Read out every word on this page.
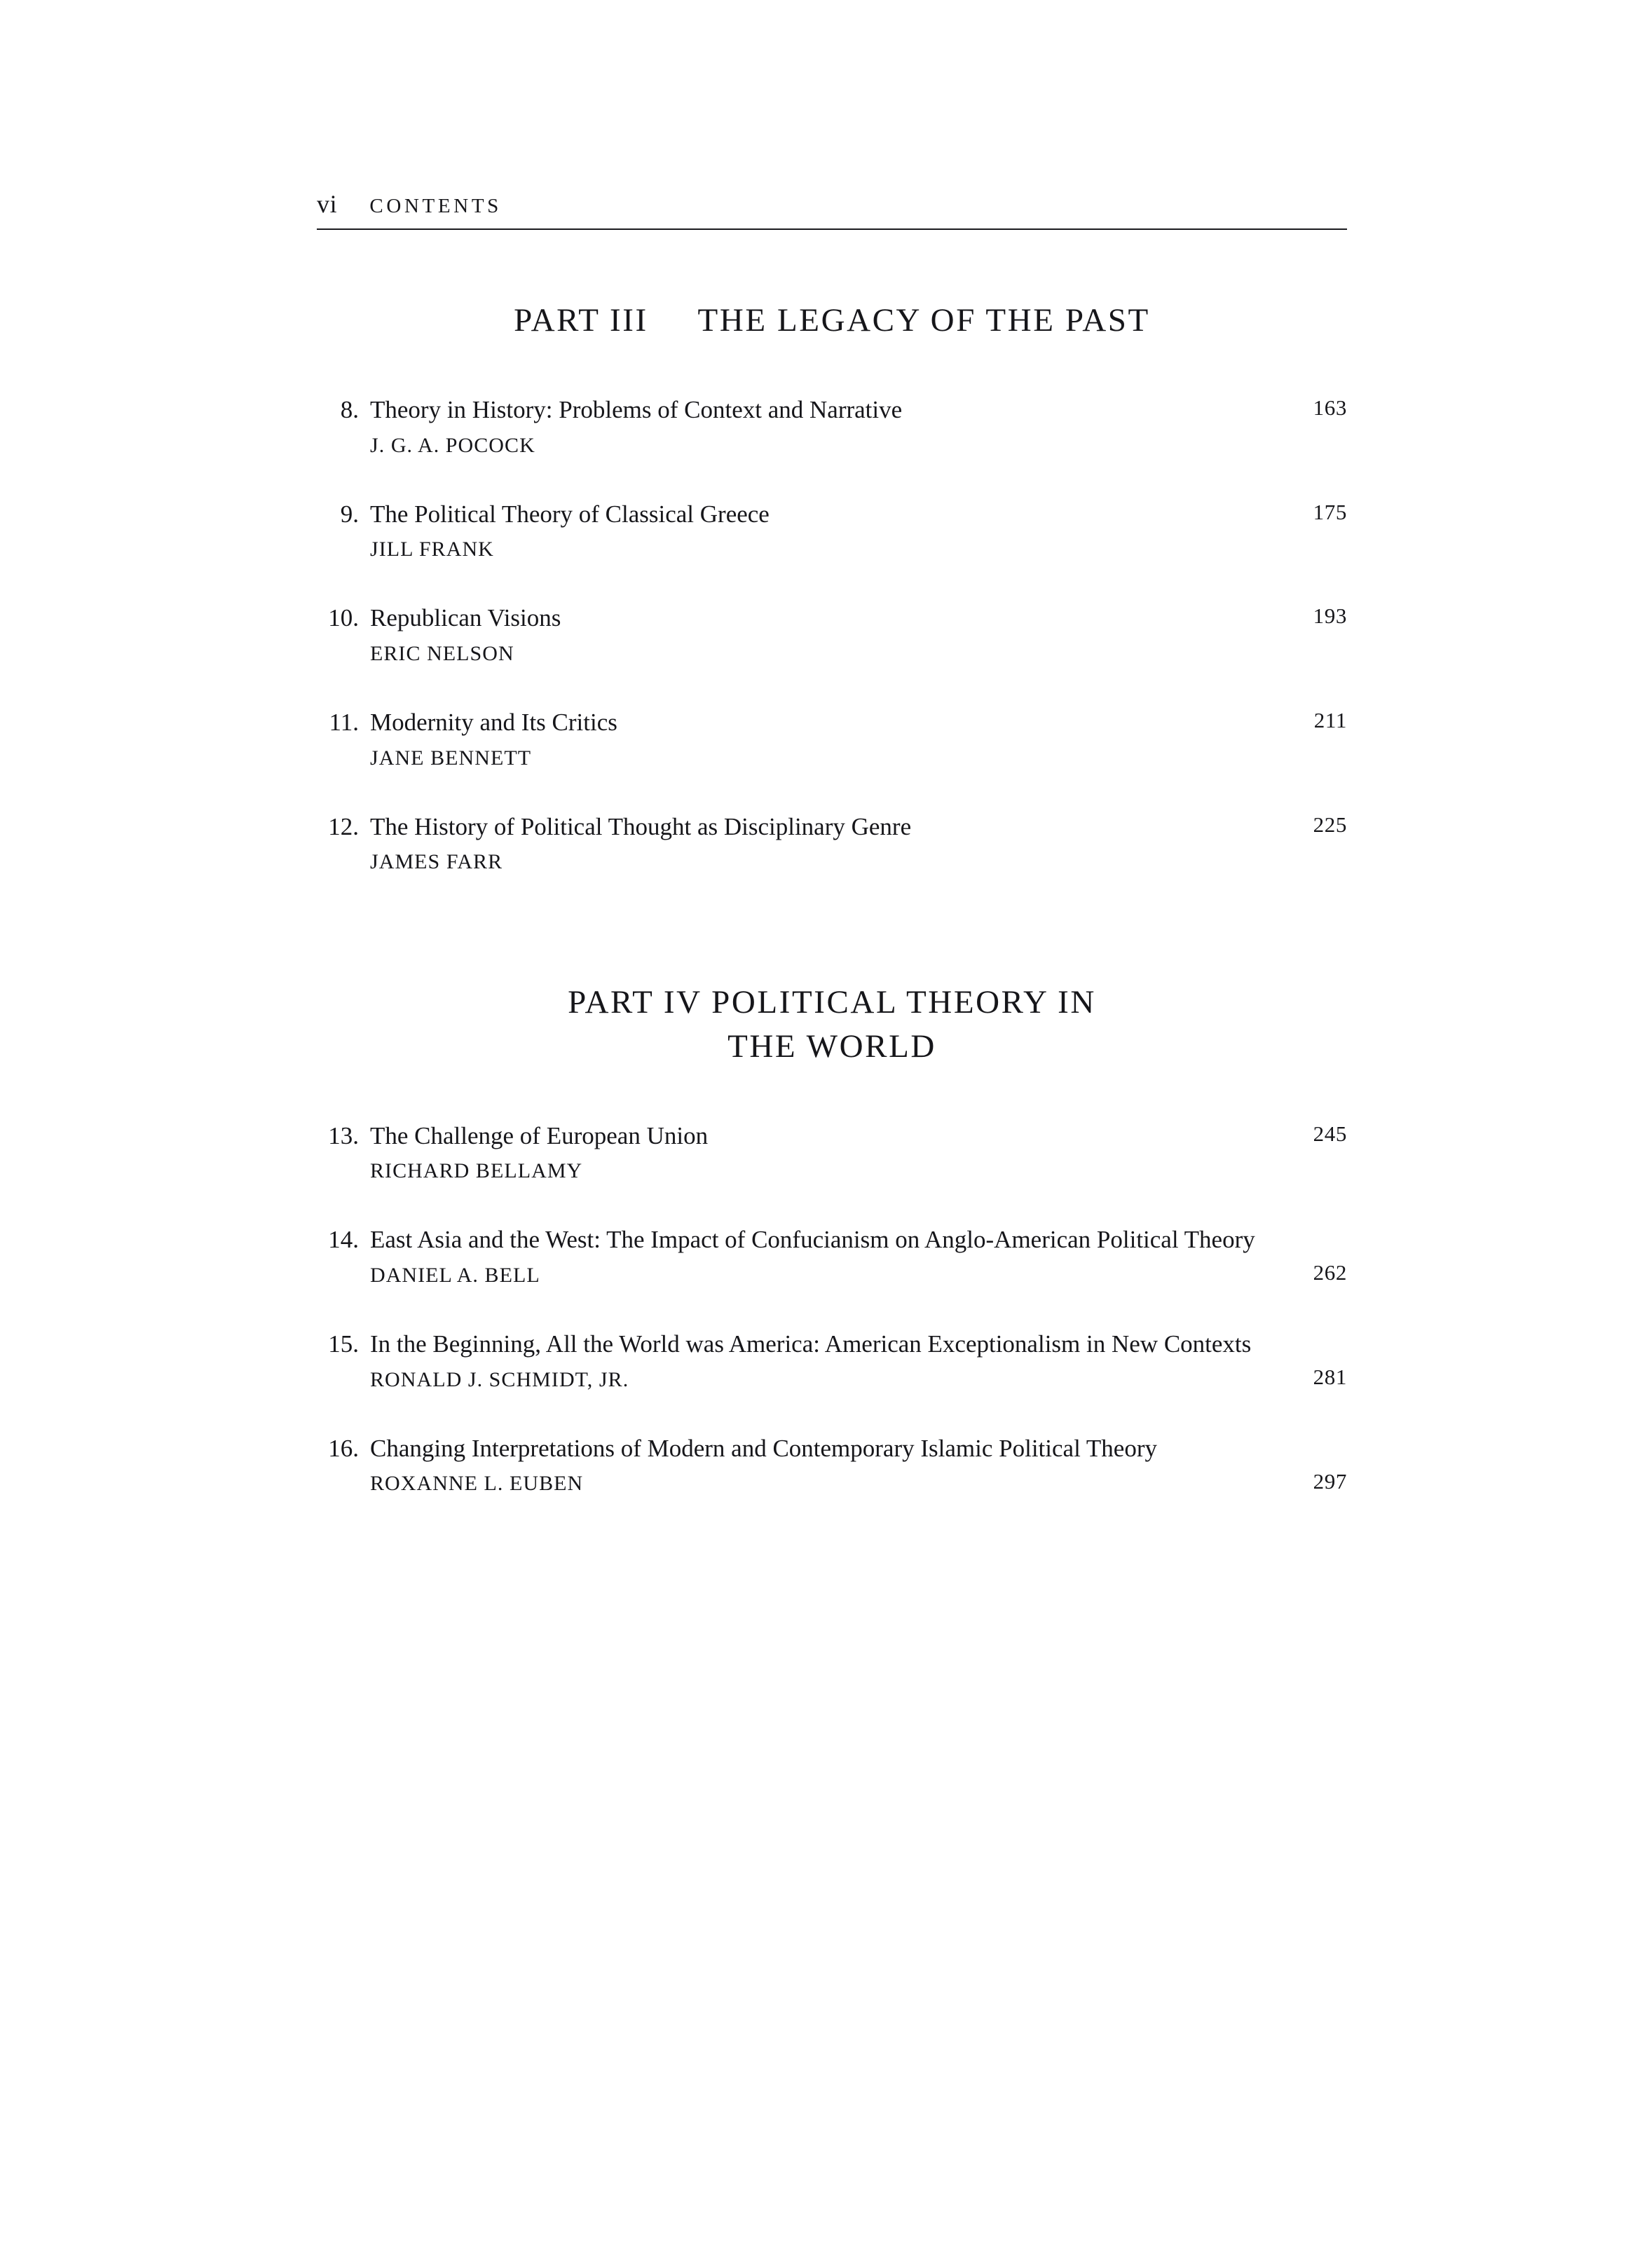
vi CONTENTS
PART III THE LEGACY OF THE PAST
8. Theory in History: Problems of Context and Narrative
J. G. A. POCOCK
163
9. The Political Theory of Classical Greece
JILL FRANK
175
10. Republican Visions
ERIC NELSON
193
11. Modernity and Its Critics
JANE BENNETT
211
12. The History of Political Thought as Disciplinary Genre
JAMES FARR
225
PART IV POLITICAL THEORY IN
THE WORLD
13. The Challenge of European Union
RICHARD BELLAMY
245
14. East Asia and the West: The Impact of Confucianism on Anglo-American Political Theory
DANIEL A. BELL	262
15. In the Beginning, All the World was America: American Exceptionalism in New Contexts
RONALD J. SCHMIDT, JR.	281
16. Changing Interpretations of Modern and Contemporary Islamic Political Theory
ROXANNE L. EUBEN	297
